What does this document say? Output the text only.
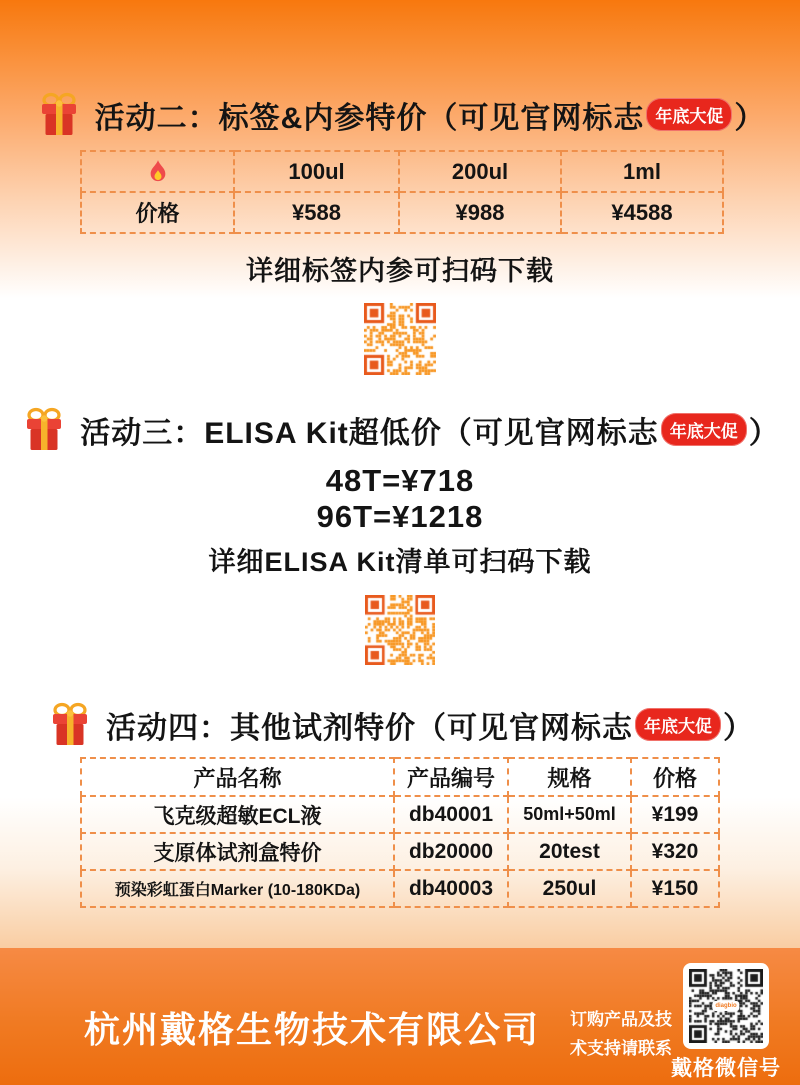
活动二：标签&内参特价（可见官网标志 年底大促 ）
	100ul	200ul	1ml
价格	¥588	¥988	¥4588

详细标签内参可扫码下载

活动三：ELISA Kit超低价（可见官网标志 年底大促 ）

48T=¥718

96T=¥1218

详细ELISA Kit清单可扫码下载

活动四：其他试剂特价（可见官网标志 年底大促 ）
产品名称	产品编号	规格	价格
飞克级超敏ECL液	db40001	50ml+50ml	¥199
支原体试剂盒特价	db20000	20test	¥320
预染彩虹蛋白Marker (10-180KDa)	db40003	250ul	¥150

杭州戴格生物技术有限公司 订购产品及技
术支持请联系

diagbio

戴格微信号
